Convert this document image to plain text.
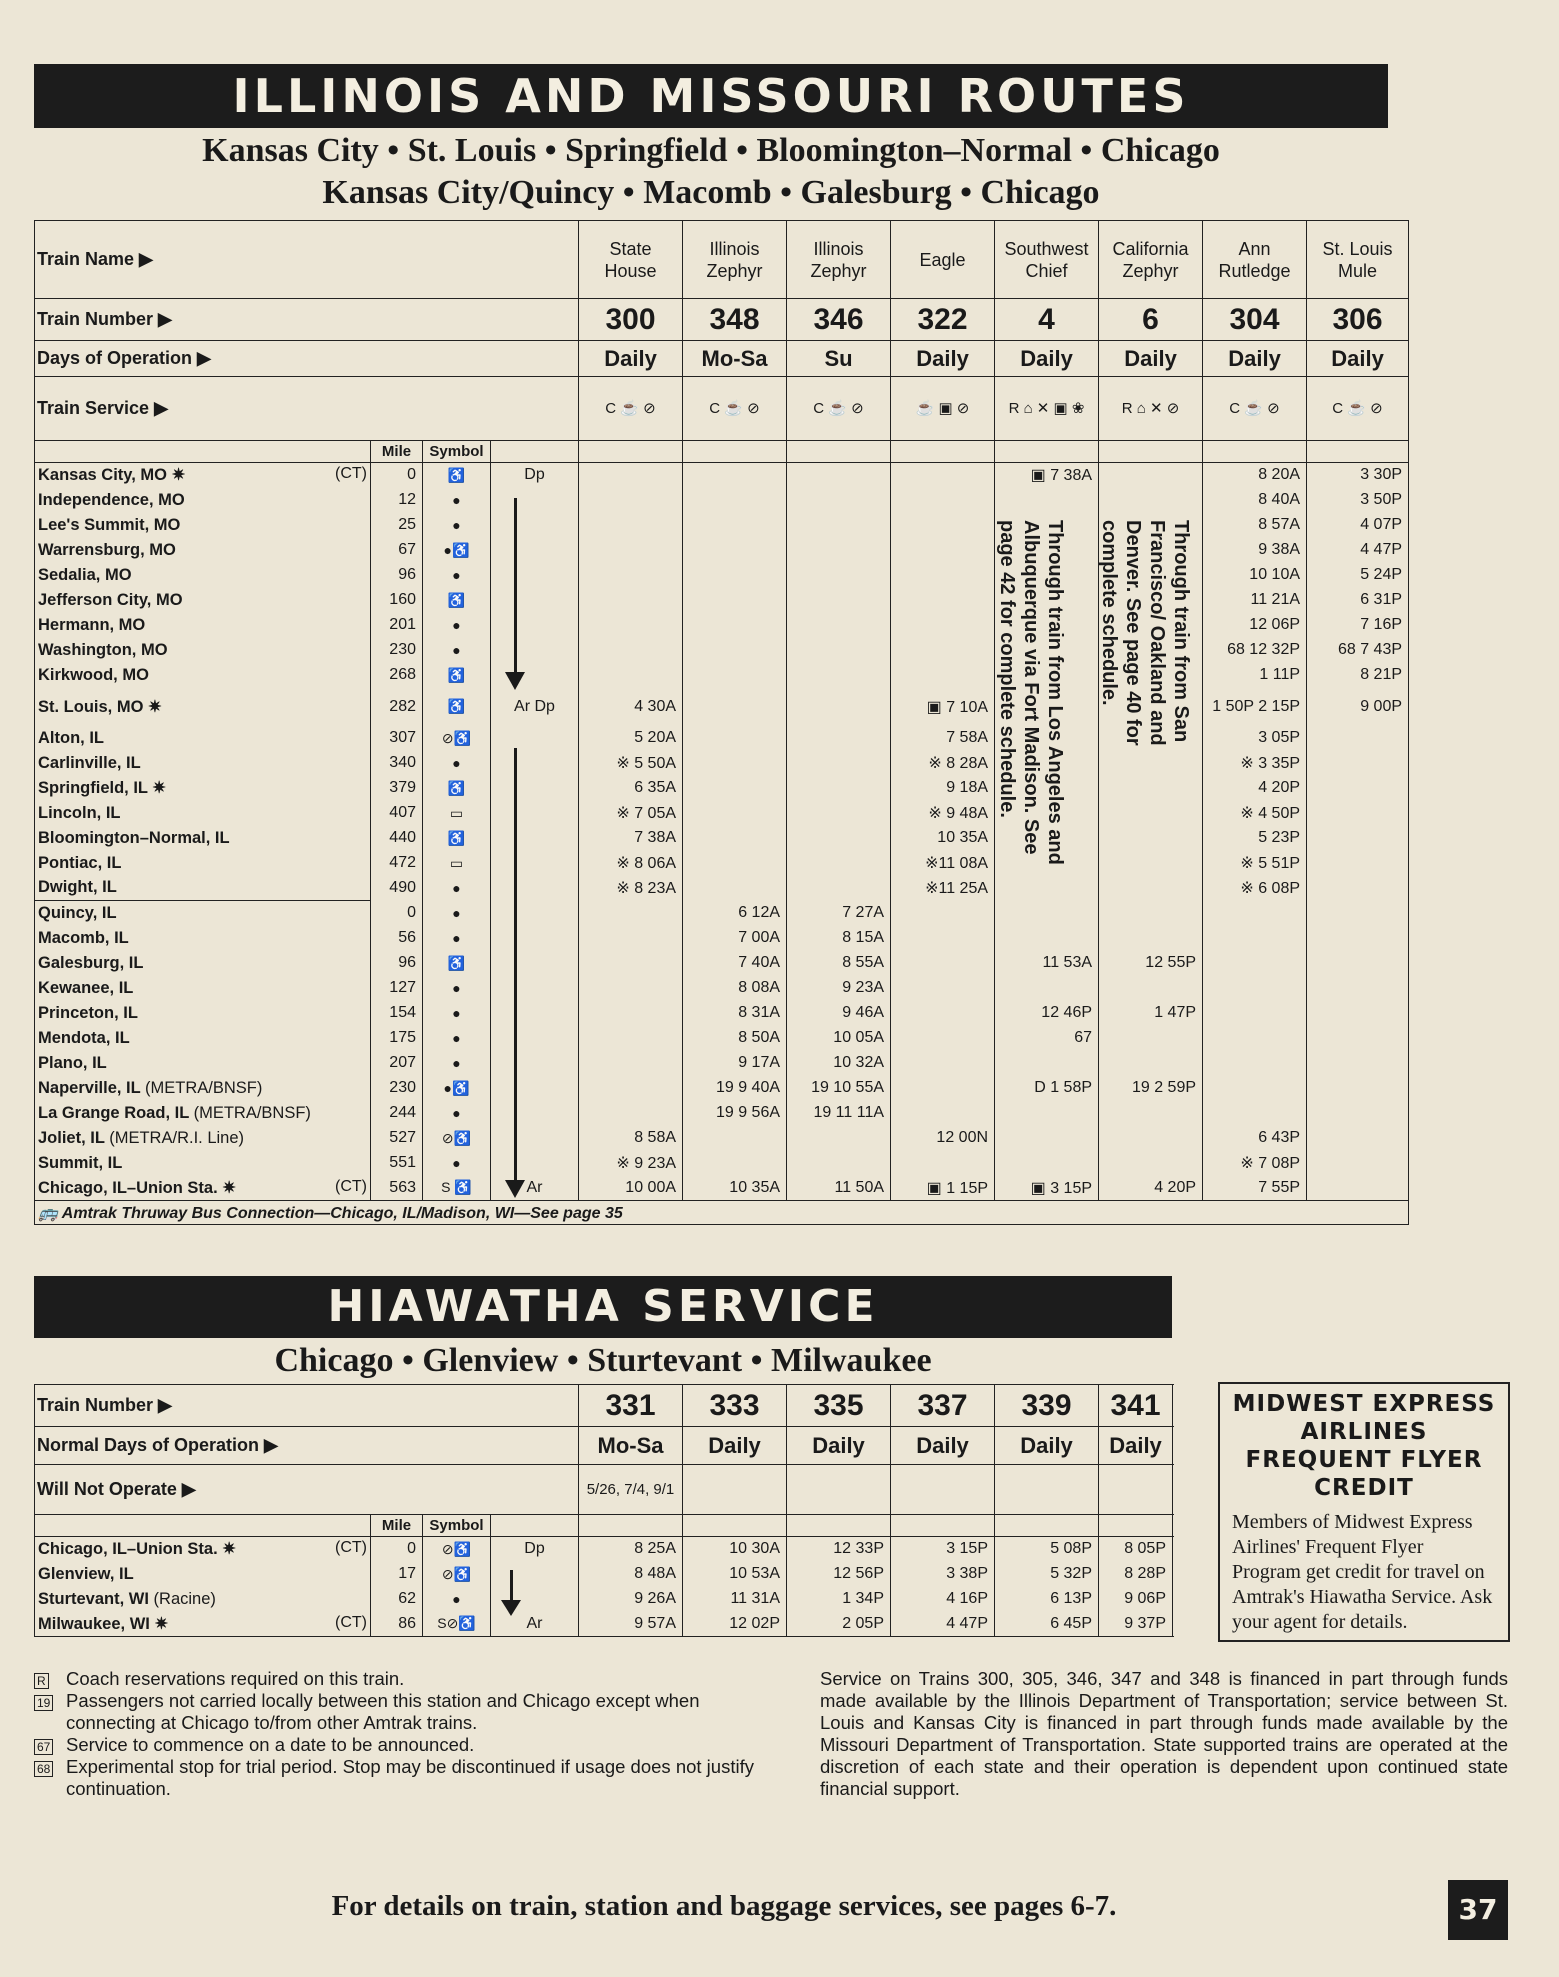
ILLINOIS AND MISSOURI ROUTES
Kansas City • St. Louis • Springfield • Bloomington–Normal • Chicago
Kansas City/Quincy • Macomb • Galesburg • Chicago
Train Name ▶				State House	Illinois Zephyr	Illinois Zephyr	Eagle	Southwest Chief	California Zephyr	Ann Rutledge	St. Louis Mule
Train Number ▶				300	348	346	322	4	6	304	306
Days of Operation ▶				Daily	Mo-Sa	Su	Daily	Daily	Daily	Daily	Daily
Train Service ▶				C ☕ ⊘	C ☕ ⊘	C ☕ ⊘	☕ ▣ ⊘	R ⌂ ✕ ▣ ❀	R ⌂ ✕ ⊘	C ☕ ⊘	C ☕ ⊘
	Mile	Symbol									
Kansas City, MO ✷ (CT)	0	♿	Dp					▣ 7 38A		8 20A	3 30P
Independence, MO	12	●								8 40A	3 50P
Lee's Summit, MO	25	●								8 57A	4 07P
Warrensburg, MO	67	●♿								9 38A	4 47P
Sedalia, MO	96	●								10 10A	5 24P
Jefferson City, MO	160	♿								11 21A	6 31P
Hermann, MO	201	●								12 06P	7 16P
Washington, MO	230	●								68 12 32P	68 7 43P
Kirkwood, MO	268	♿								1 11P	8 21P
St. Louis, MO ✷	282	♿	Ar Dp	4 30A			▣ 7 10A			1 50P 2 15P	9 00P
Alton, IL	307	⊘♿		5 20A			7 58A			3 05P	
Carlinville, IL	340	●		※ 5 50A			※ 8 28A			※ 3 35P	
Springfield, IL ✷	379	♿		6 35A			9 18A			4 20P	
Lincoln, IL	407	▭		※ 7 05A			※ 9 48A			※ 4 50P	
Bloomington–Normal, IL	440	♿		7 38A			10 35A			5 23P	
Pontiac, IL	472	▭		※ 8 06A			※11 08A			※ 5 51P	
Dwight, IL	490	●		※ 8 23A			※11 25A			※ 6 08P	
Quincy, IL	0	●			6 12A	7 27A					
Macomb, IL	56	●			7 00A	8 15A					
Galesburg, IL	96	♿			7 40A	8 55A		11 53A	12 55P		
Kewanee, IL	127	●			8 08A	9 23A					
Princeton, IL	154	●			8 31A	9 46A		12 46P	1 47P		
Mendota, IL	175	●			8 50A	10 05A		67			
Plano, IL	207	●			9 17A	10 32A					
Naperville, IL (METRA/BNSF)	230	●♿			19 9 40A	19 10 55A		D 1 58P	19 2 59P		
La Grange Road, IL (METRA/BNSF)	244	●			19 9 56A	19 11 11A					
Joliet, IL (METRA/R.I. Line)	527	⊘♿		8 58A			12 00N			6 43P	
Summit, IL	551	●		※ 9 23A						※ 7 08P	
Chicago, IL–Union Sta. ✷ (CT)	563	S ♿	Ar	10 00A	10 35A	11 50A	▣ 1 15P	▣ 3 15P	4 20P	7 55P	
🚌 Amtrak Thruway Bus Connection—Chicago, IL/Madison, WI—See page 35											
Through train from Los Angeles and Albuquerque via Fort Madison. See page 42 for complete schedule.	Through train from San Francisco/ Oakland and Denver. See page 40 for complete schedule.
HIAWATHA SERVICE
Chicago • Glenview • Sturtevant • Milwaukee
Train Number ▶				331	333	335	337	339	341
Normal Days of Operation ▶				Mo-Sa	Daily	Daily	Daily	Daily	Daily
Will Not Operate ▶				5/26, 7/4, 9/1					
	Mile	Symbol							
Chicago, IL–Union Sta. ✷ (CT)	0	⊘♿	Dp	8 25A	10 30A	12 33P	3 15P	5 08P	8 05P
Glenview, IL	17	⊘♿		8 48A	10 53A	12 56P	3 38P	5 32P	8 28P
Sturtevant, WI (Racine)	62	●		9 26A	11 31A	1 34P	4 16P	6 13P	9 06P
Milwaukee, WI ✷ (CT)	86	S⊘♿	Ar	9 57A	12 02P	2 05P	4 47P	6 45P	9 37P
MIDWEST EXPRESS AIRLINES FREQUENT FLYER CREDIT
Members of Midwest Express Airlines' Frequent Flyer Program get credit for travel on Amtrak's Hiawatha Service. Ask your agent for details.
R	Coach reservations required on this train.
19 Passengers not carried locally between this station and Chicago except when connecting at Chicago to/from other Amtrak trains.
67 Service to commence on a date to be announced.
68 Experimental stop for trial period. Stop may be discontinued if usage does not justify continuation.
Service on Trains 300, 305, 346, 347 and 348 is financed in part through funds made available by the Illinois Department of Transportation; service between St. Louis and Kansas City is financed in part through funds made available by the Missouri Department of Transportation. State supported trains are operated at the discretion of each state and their operation is dependent upon continued state financial support.
For details on train, station and baggage services, see pages 6-7.	37
